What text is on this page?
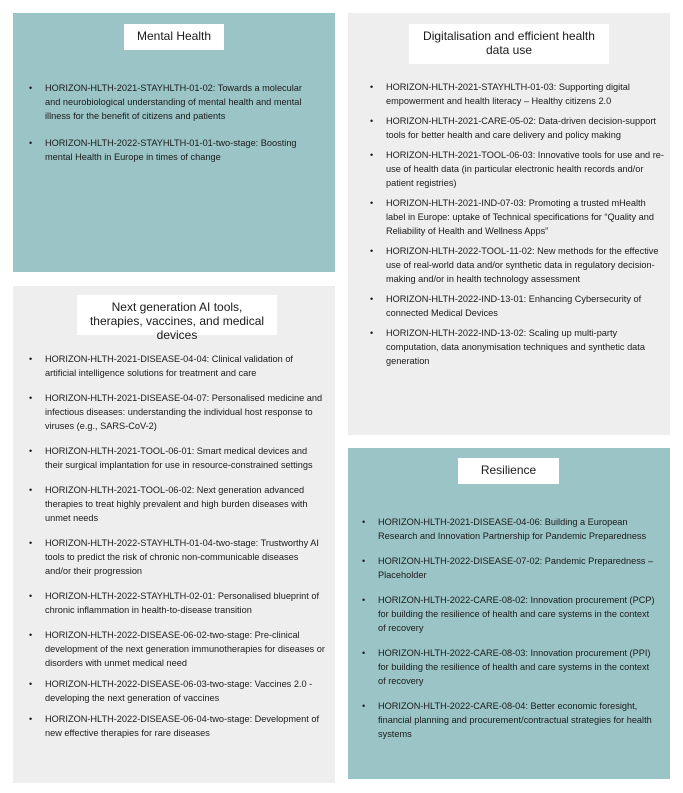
Mental Health
• HORIZON-HLTH-2021-STAYHLTH-01-02: Towards a molecular and neurobiological understanding of mental health and mental illness for the benefit of citizens and patients
• HORIZON-HLTH-2022-STAYHLTH-01-01-two-stage: Boosting mental Health in Europe in times of change
Digitalisation and efficient health data use
• HORIZON-HLTH-2021-STAYHLTH-01-03: Supporting digital empowerment and health literacy – Healthy citizens 2.0
• HORIZON-HLTH-2021-CARE-05-02: Data-driven decision-support tools for better health and care delivery and policy making
• HORIZON-HLTH-2021-TOOL-06-03: Innovative tools for use and re-use of health data (in particular electronic health records and/or patient registries)
• HORIZON-HLTH-2021-IND-07-03: Promoting a trusted mHealth label in Europe: uptake of Technical specifications for “Quality and Reliability of Health and Wellness Apps”
• HORIZON-HLTH-2022-TOOL-11-02: New methods for the effective use of real-world data and/or synthetic data in regulatory decision-making and/or in health technology assessment
• HORIZON-HLTH-2022-IND-13-01: Enhancing Cybersecurity of connected Medical Devices
• HORIZON-HLTH-2022-IND-13-02: Scaling up multi-party computation, data anonymisation techniques and synthetic data generation
Next generation AI tools, therapies, vaccines, and medical devices
• HORIZON-HLTH-2021-DISEASE-04-04: Clinical validation of artificial intelligence solutions for treatment and care
• HORIZON-HLTH-2021-DISEASE-04-07: Personalised medicine and infectious diseases: understanding the individual host response to viruses (e.g., SARS-CoV-2)
• HORIZON-HLTH-2021-TOOL-06-01: Smart medical devices and their surgical implantation for use in resource-constrained settings
• HORIZON-HLTH-2021-TOOL-06-02: Next generation advanced therapies to treat highly prevalent and high burden diseases with unmet needs
• HORIZON-HLTH-2022-STAYHLTH-01-04-two-stage: Trustworthy AI tools to predict the risk of chronic non-communicable diseases and/or their progression
• HORIZON-HLTH-2022-STAYHLTH-02-01: Personalised blueprint of chronic inflammation in health-to-disease transition
• HORIZON-HLTH-2022-DISEASE-06-02-two-stage: Pre-clinical development of the next generation immunotherapies for diseases or disorders with unmet medical need
• HORIZON-HLTH-2022-DISEASE-06-03-two-stage: Vaccines 2.0 - developing the next generation of vaccines
• HORIZON-HLTH-2022-DISEASE-06-04-two-stage: Development of new effective therapies for rare diseases
Resilience
• HORIZON-HLTH-2021-DISEASE-04-06: Building a European Research and Innovation Partnership for Pandemic Preparedness
• HORIZON-HLTH-2022-DISEASE-07-02: Pandemic Preparedness – Placeholder
• HORIZON-HLTH-2022-CARE-08-02: Innovation procurement (PCP) for building the resilience of health and care systems in the context of recovery
• HORIZON-HLTH-2022-CARE-08-03: Innovation procurement (PPI) for building the resilience of health and care systems in the context of recovery
• HORIZON-HLTH-2022-CARE-08-04: Better economic foresight, financial planning and procurement/contractual strategies for health systems
